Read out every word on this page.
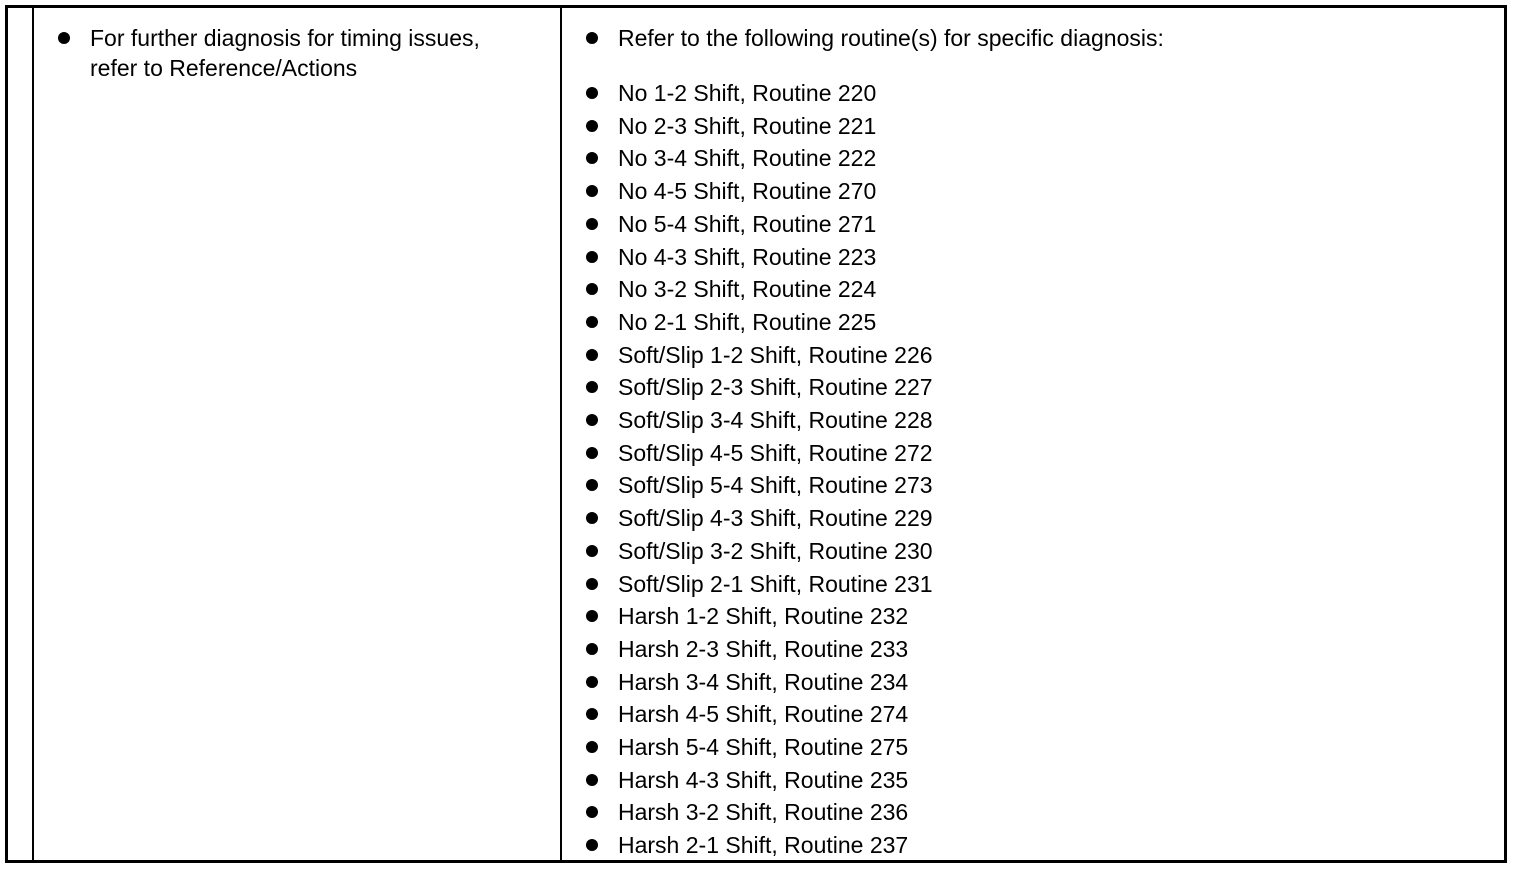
For further diagnosis for timing issues,
refer to Reference/Actions
Refer to the following routine(s) for specific diagnosis:
No 1-2 Shift, Routine 220
No 2-3 Shift, Routine 221
No 3-4 Shift, Routine 222
No 4-5 Shift, Routine 270
No 5-4 Shift, Routine 271
No 4-3 Shift, Routine 223
No 3-2 Shift, Routine 224
No 2-1 Shift, Routine 225
Soft/Slip 1-2 Shift, Routine 226
Soft/Slip 2-3 Shift, Routine 227
Soft/Slip 3-4 Shift, Routine 228
Soft/Slip 4-5 Shift, Routine 272
Soft/Slip 5-4 Shift, Routine 273
Soft/Slip 4-3 Shift, Routine 229
Soft/Slip 3-2 Shift, Routine 230
Soft/Slip 2-1 Shift, Routine 231
Harsh 1-2 Shift, Routine 232
Harsh 2-3 Shift, Routine 233
Harsh 3-4 Shift, Routine 234
Harsh 4-5 Shift, Routine 274
Harsh 5-4 Shift, Routine 275
Harsh 4-3 Shift, Routine 235
Harsh 3-2 Shift, Routine 236
Harsh 2-1 Shift, Routine 237
